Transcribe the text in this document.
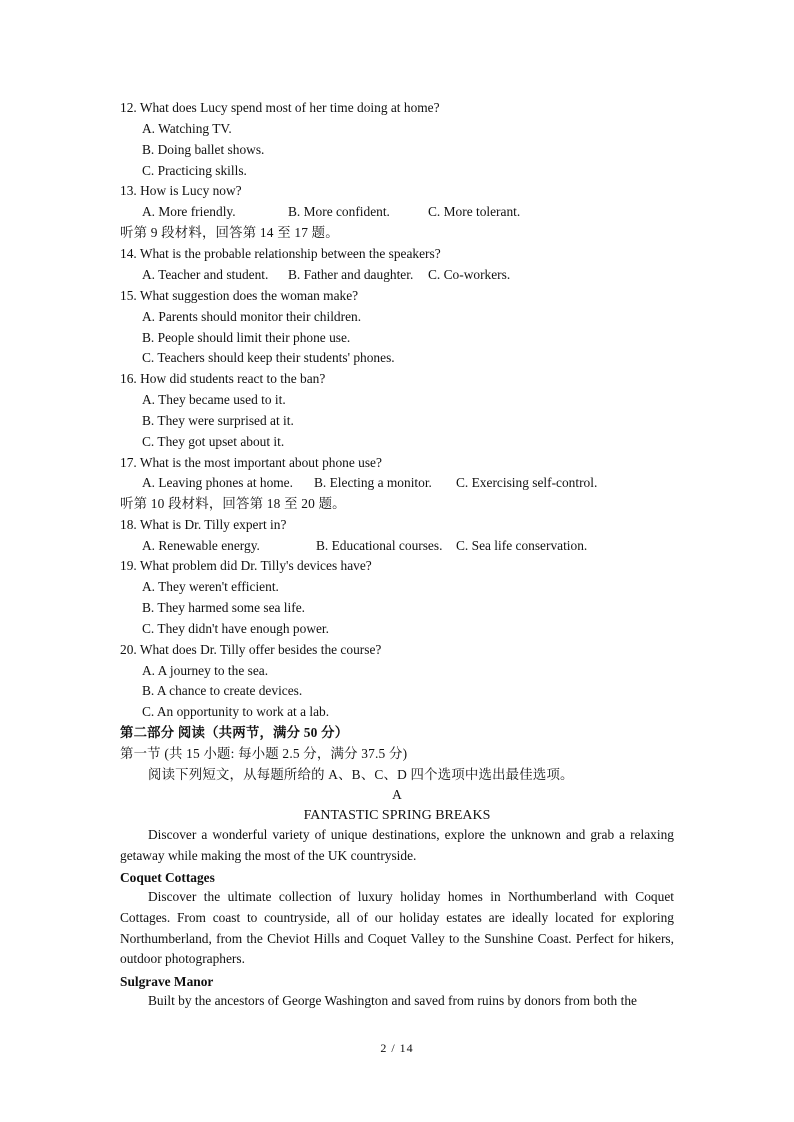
12. What does Lucy spend most of her time doing at home?
A. Watching TV.
B. Doing ballet shows.
C. Practicing skills.
13. How is Lucy now?
A. More friendly.	B. More confident.	C. More tolerant.
听第 9 段材料，回答第 14 至 17 题。
14. What is the probable relationship between the speakers?
A. Teacher and student. B. Father and daughter. C. Co-workers.
15. What suggestion does the woman make?
A. Parents should monitor their children.
B. People should limit their phone use.
C. Teachers should keep their students' phones.
16. How did students react to the ban?
A. They became used to it.
B. They were surprised at it.
C. They got upset about it.
17. What is the most important about phone use?
A. Leaving phones at home. B. Electing a monitor. C. Exercising self-control.
听第 10 段材料，回答第 18 至 20 题。
18. What is Dr. Tilly expert in?
A. Renewable energy.	B. Educational courses. C. Sea life conservation.
19. What problem did Dr. Tilly's devices have?
A. They weren't efficient.
B. They harmed some sea life.
C. They didn't have enough power.
20. What does Dr. Tilly offer besides the course?
A. A journey to the sea.
B. A chance to create devices.
C. An opportunity to work at a lab.
第二部分 阅读（共两节，满分 50 分）
第一节 (共 15 小题: 每小题 2.5 分，满分 37.5 分)
阅读下列短文，从每题所给的 A、B、C、D 四个选项中选出最佳选项。
A
FANTASTIC SPRING BREAKS
Discover a wonderful variety of unique destinations, explore the unknown and grab a relaxing getaway while making the most of the UK countryside.
Coquet Cottages
Discover the ultimate collection of luxury holiday homes in Northumberland with Coquet Cottages. From coast to countryside, all of our holiday estates are ideally located for exploring Northumberland, from the Cheviot Hills and Coquet Valley to the Sunshine Coast. Perfect for hikers, outdoor photographers.
Sulgrave Manor
Built by the ancestors of George Washington and saved from ruins by donors from both the
2 / 14
